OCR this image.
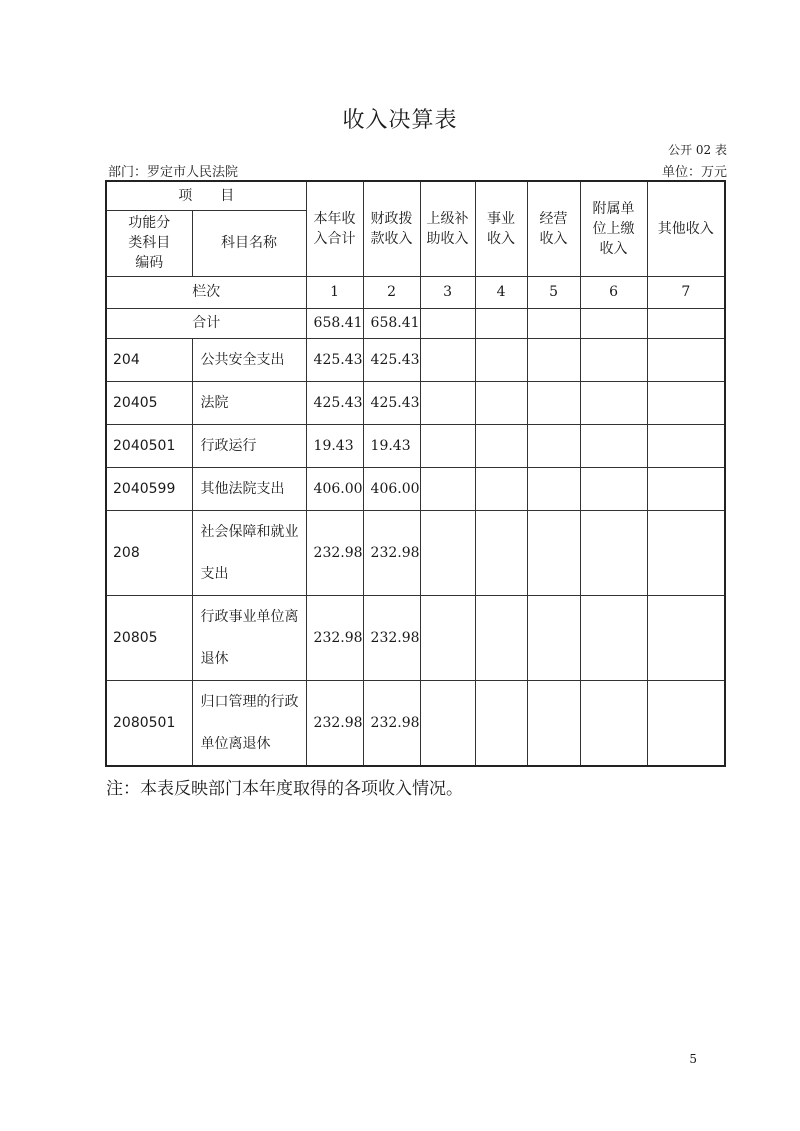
收入决算表
公开 02 表
部门：罗定市人民法院	单位：万元
项　　目		本年收入合计	财政拨款收入	上级补助收入	事业收入	经营收入	附属单位上缴收入	其他收入

功能分类科目编码	科目名称							
栏次		1	2	3	4	5	6	7
合计		658.41	658.41					
204	公共安全支出	425.43	425.43					
20405	法院	425.43	425.43					
2040501	行政运行	19.43	19.43					
2040599	其他法院支出	406.00	406.00					
208	社会保障和就业支出	232.98	232.98					
20805	行政事业单位离退休	232.98	232.98					
2080501	归口管理的行政单位离退休	232.98	232.98					
注：本表反映部门本年度取得的各项收入情况。
5
